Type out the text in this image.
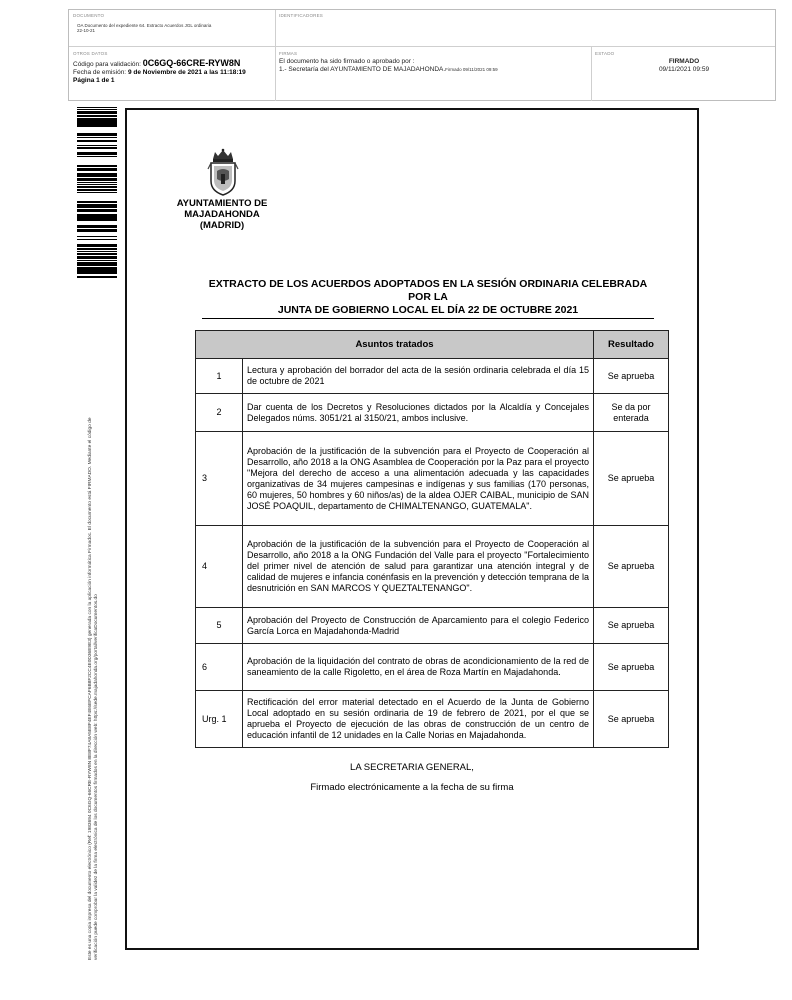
DOCUMENTO
OA Documento del expediente 64. Extracto Acuerdos JGL ordinaria
22-10-21
IDENTIFICADORES
OTROS DATOS
Código para validación: 0C6GQ-66CRE-RYW8N
Fecha de emisión: 9 de Noviembre de 2021 a las 11:18:19
Página 1 de 1
FIRMAS
El documento ha sido firmado o aprobado por :
1.- Secretaría del AYUNTAMIENTO DE MAJADAHONDA.Firmado 09/11/2021 09:59
ESTADO
FIRMADO
09/11/2021 09:59
Este es una copia impresa del documento electrónico (Ref: 1983694 0C6GQ-66CRE-RYW8N 8E8F74A8A5E8F4EF4E6EFCAF6B8F2CC4E0D36E9E3) generada con la aplicación informática Firmadoc. El documento está FIRMADO. Mediante el código de verificación puede comprobar la validez de la firma electrónica de los documentos firmados en la dirección web: https://sede.majadahonda.org/portal/verificaDocumentos.do
AYUNTAMIENTO DE
MAJADAHONDA
(MADRID)
EXTRACTO DE LOS ACUERDOS ADOPTADOS EN LA SESIÓN ORDINARIA CELEBRADA POR LA
JUNTA DE GOBIERNO LOCAL EL DÍA 22 DE OCTUBRE 2021
Asuntos tratados		Resultado
1	Lectura y aprobación del borrador del acta de la sesión ordinaria celebrada el día 15 de octubre de 2021	Se aprueba
2	Dar cuenta de los Decretos y Resoluciones dictados por la Alcaldía y Concejales Delegados núms. 3051/21 al 3150/21, ambos inclusive.	Se da por enterada
3	Aprobación de la justificación de la subvención para el Proyecto de Cooperación al Desarrollo, año 2018 a la ONG Asamblea de Cooperación por la Paz para el proyecto "Mejora del derecho de acceso a una alimentación adecuada y las capacidades organizativas de 34 mujeres campesinas e indígenas y sus familias (170 personas, 60 mujeres, 50 hombres y 60 niños/as) de la aldea OJER CAIBAL, municipio de SAN JOSÉ POAQUIL, departamento de CHIMALTENANGO, GUATEMALA".	Se aprueba
4	Aprobación de la justificación de la subvención para el Proyecto de Cooperación al Desarrollo, año 2018 a la ONG Fundación del Valle para el proyecto "Fortalecimiento del primer nivel de atención de salud para garantizar una atención integral y de calidad de mujeres e infancia conénfasis en la prevención y detección temprana de la desnutrición en SAN MARCOS Y QUEZTALTENANGO".	Se aprueba
5	Aprobación del Proyecto de Construcción de Aparcamiento para el colegio Federico García Lorca en Majadahonda-Madrid	Se aprueba
6	Aprobación de la liquidación del contrato de obras de acondicionamiento de la red de saneamiento de la calle Rigoletto, en el área de Roza Martín en Majadahonda.	Se aprueba
Urg. 1	Rectificación del error material detectado en el Acuerdo de la Junta de Gobierno Local adoptado en su sesión ordinaria de 19 de febrero de 2021, por el que se aprueba el Proyecto de ejecución de las obras de construcción de un centro de educación infantil de 12 unidades en la Calle Norias en Majadahonda.	Se aprueba
LA SECRETARIA GENERAL,
Firmado electrónicamente a la fecha de su firma
